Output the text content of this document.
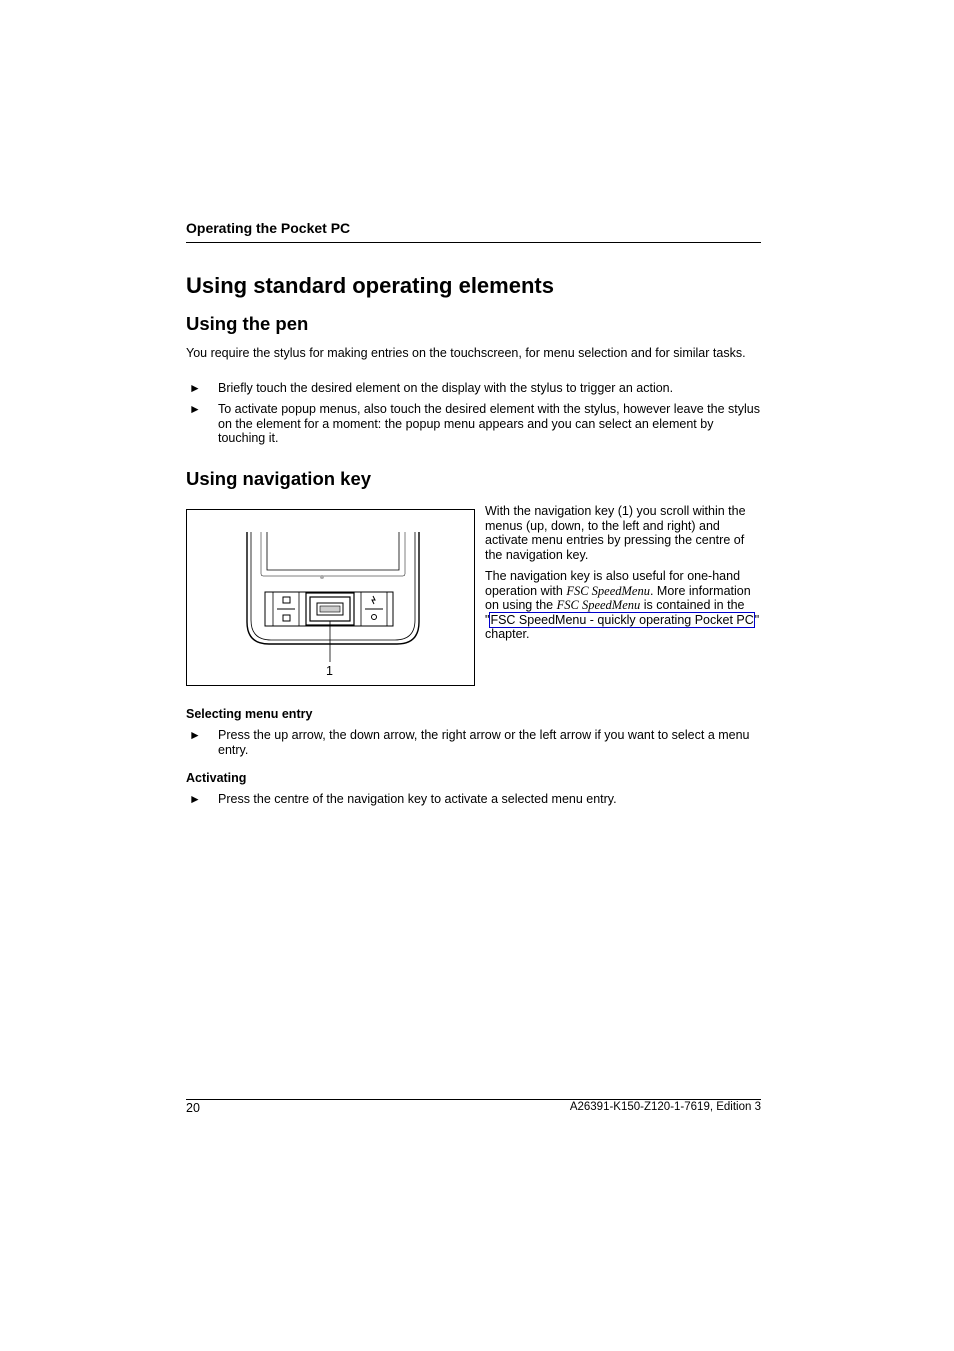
Operating the Pocket PC
Using standard operating elements
Using the pen

You require the stylus for making entries on the touchscreen, for menu selection and for similar tasks.

► Briefly touch the desired element on the display with the stylus to trigger an action.
► To activate popup menus, also touch the desired element with the stylus, however leave the stylus on the element for a moment: the popup menu appears and you can select an element by touching it.
Using navigation key
1
With the navigation key (1) you scroll within the menus (up, down, to the left and right) and activate menu entries by pressing the centre of the navigation key.
The navigation key is also useful for one-hand operation with FSC SpeedMenu. More information on using the FSC SpeedMenu is contained in the "FSC SpeedMenu - quickly operating Pocket PC" chapter.
Selecting menu entry
► Press the up arrow, the down arrow, the right arrow or the left arrow if you want to select a menu entry.
Activating
► Press the centre of the navigation key to activate a selected menu entry.
20	A26391-K150-Z120-1-7619, Edition 3
